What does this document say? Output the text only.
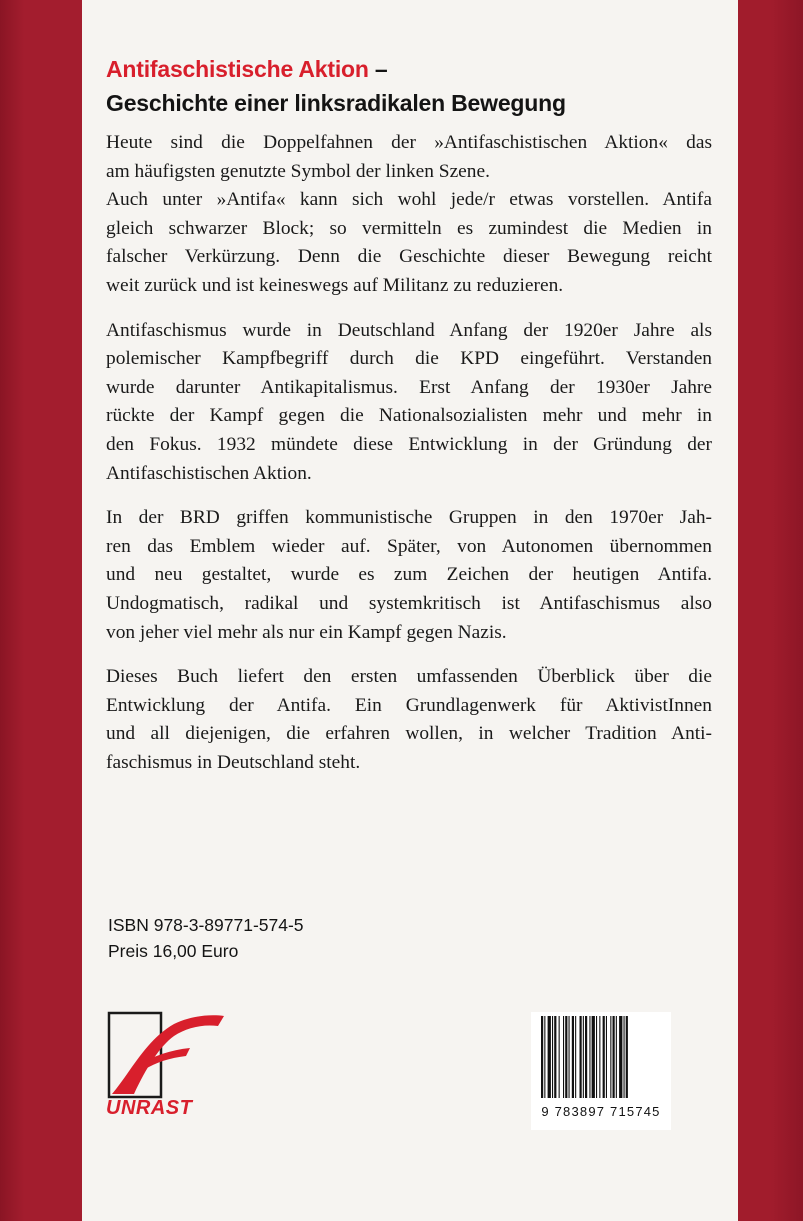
Antifaschistische Aktion –
Geschichte einer linksradikalen Bewegung

Heute sind die Doppelfahnen der »Antifaschistischen Aktion« das
am häufigsten genutzte Symbol der linken Szene.
Auch unter »Antifa« kann sich wohl jede/r etwas vorstellen. Antifa
gleich schwarzer Block; so vermitteln es zumindest die Medien in
falscher Verkürzung. Denn die Geschichte dieser Bewegung reicht
weit zurück und ist keineswegs auf Militanz zu reduzieren.

Antifaschismus wurde in Deutschland Anfang der 1920er Jahre als
polemischer Kampfbegriff durch die KPD eingeführt. Verstanden
wurde darunter Antikapitalismus. Erst Anfang der 1930er Jahre
rückte der Kampf gegen die Nationalsozialisten mehr und mehr in
den Fokus. 1932 mündete diese Entwicklung in der Gründung der
Antifaschistischen Aktion.

In der BRD griffen kommunistische Gruppen in den 1970er Jah-
ren das Emblem wieder auf. Später, von Autonomen übernommen
und neu gestaltet, wurde es zum Zeichen der heutigen Antifa.
Undogmatisch, radikal und systemkritisch ist Antifaschismus also
von jeher viel mehr als nur ein Kampf gegen Nazis.

Dieses Buch liefert den ersten umfassenden Überblick über die
Entwicklung der Antifa. Ein Grundlagenwerk für AktivistInnen
und all diejenigen, die erfahren wollen, in welcher Tradition Anti-
faschismus in Deutschland steht.

ISBN 978-3-89771-574-5
Preis 16,00 Euro
UNRAST	9 783897 715745
